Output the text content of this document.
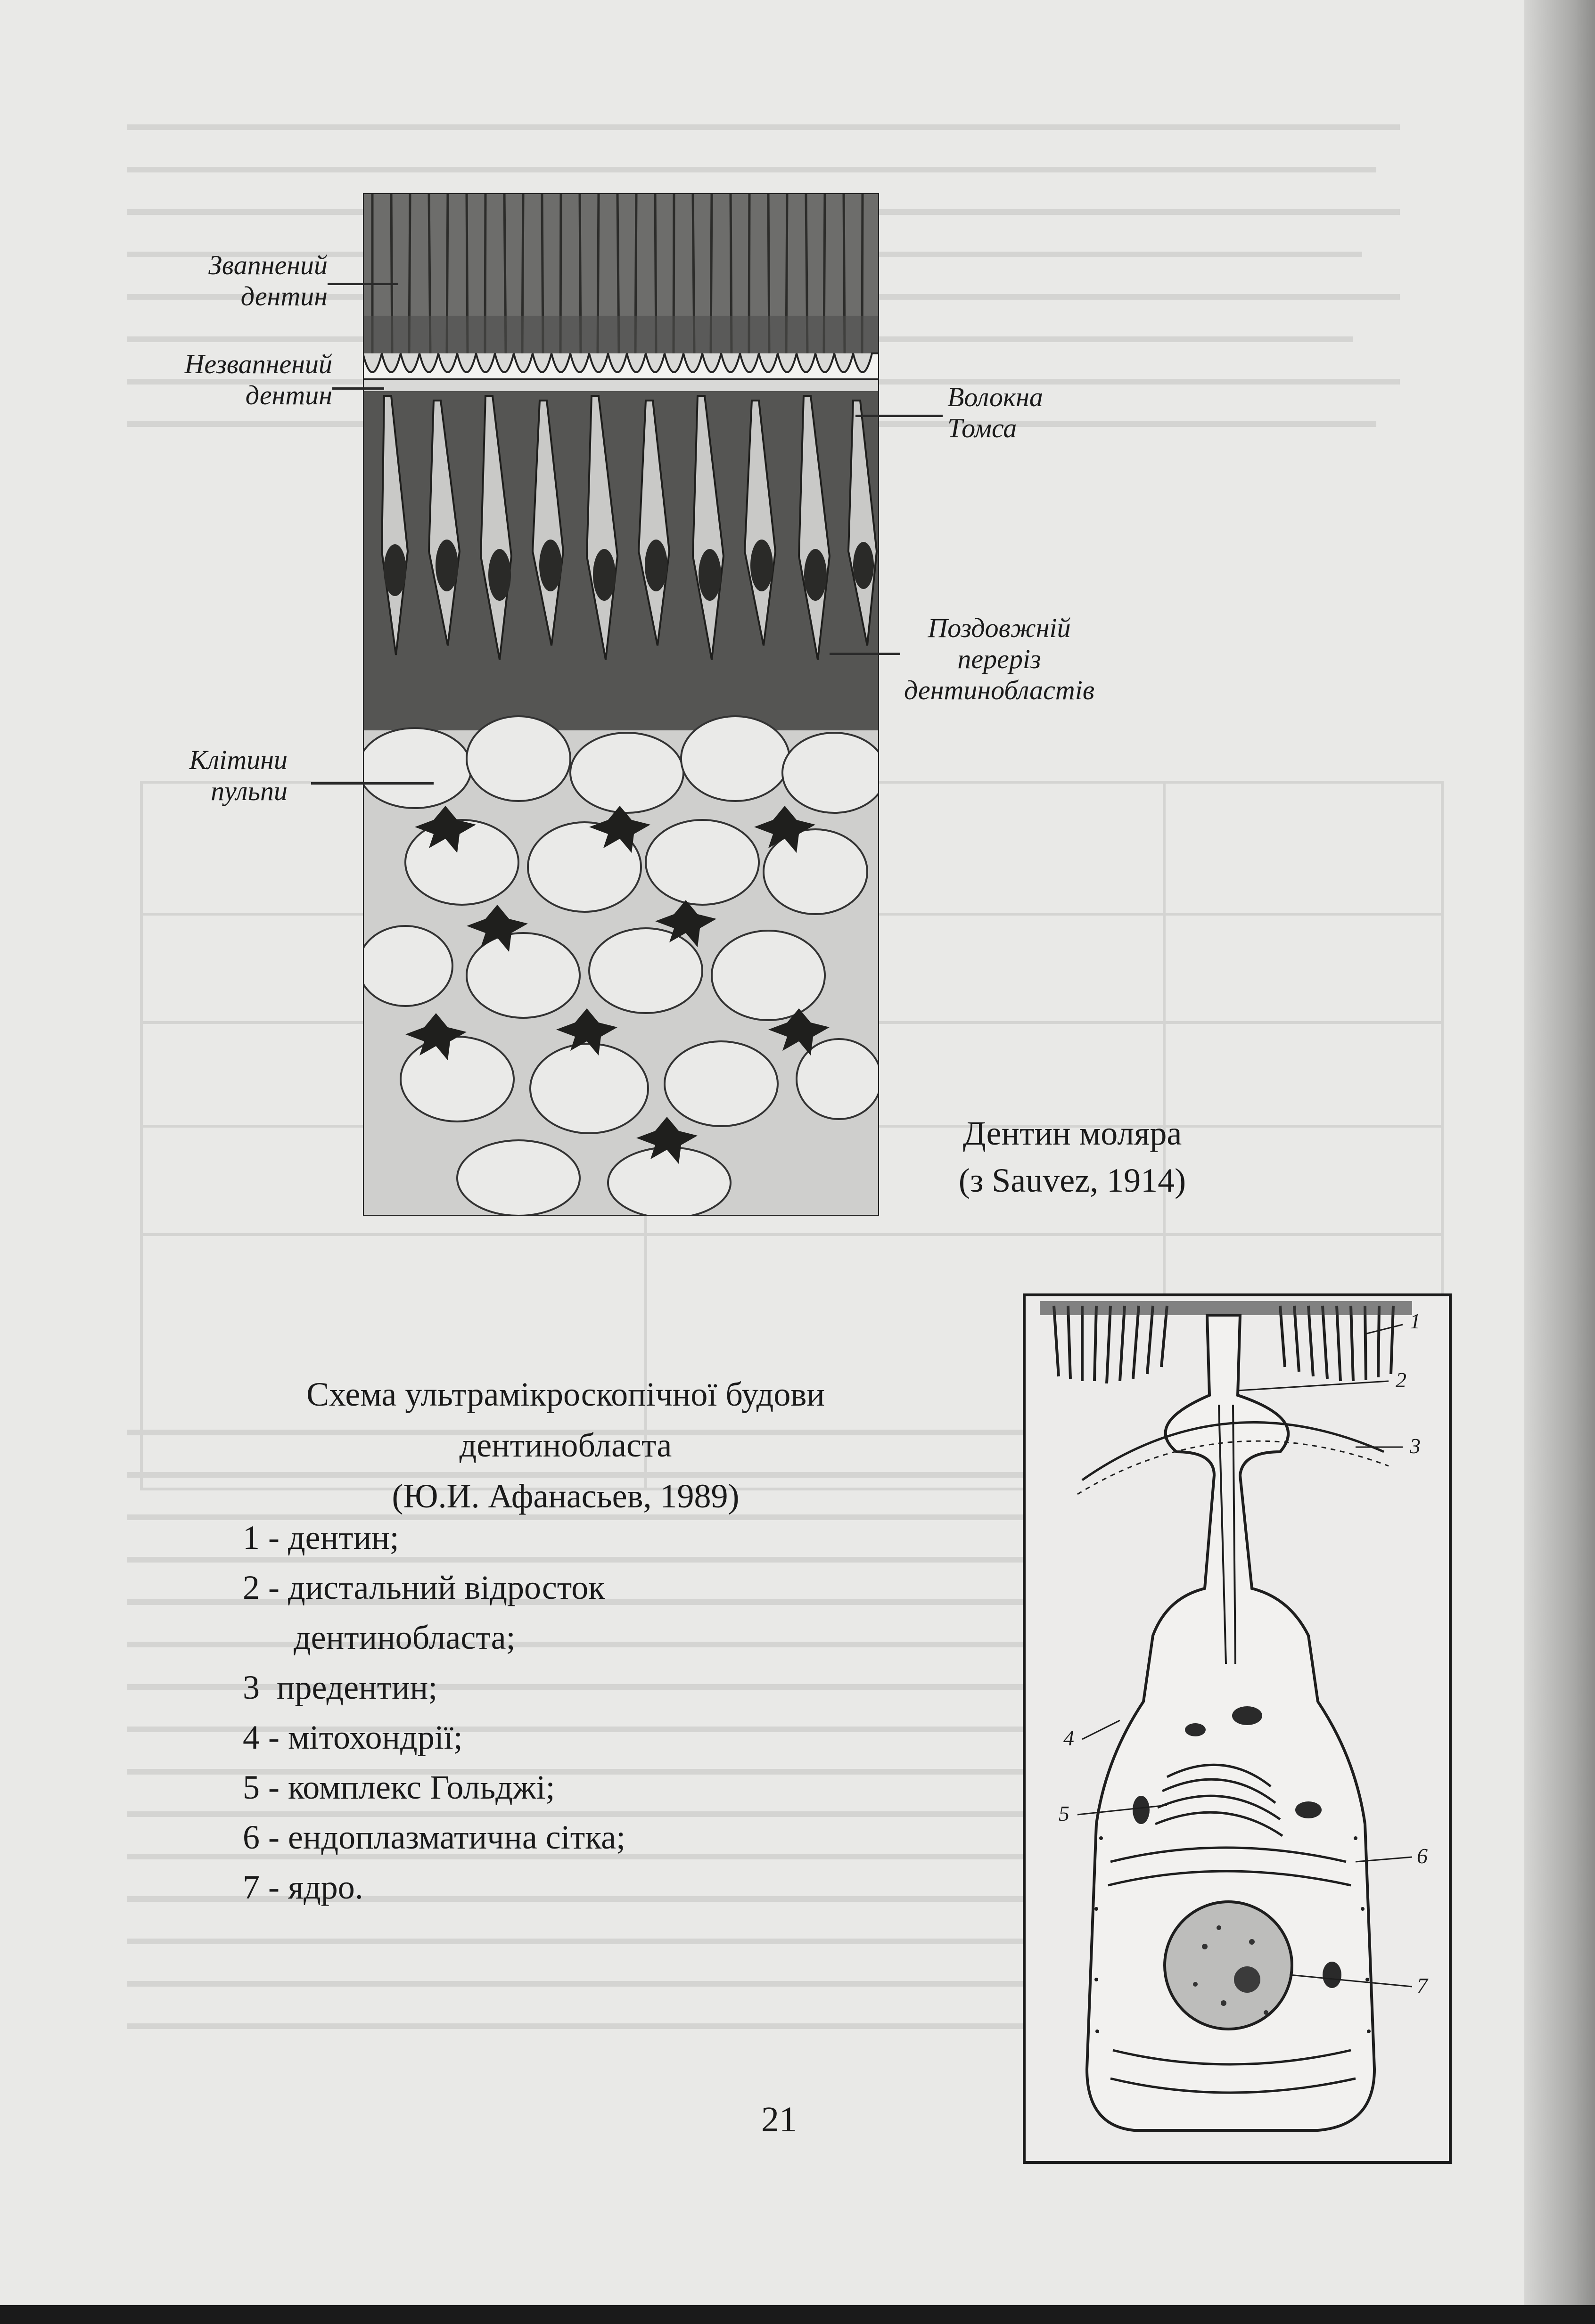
Звапнений
дентин
Незвапнений
дентин	Волокна
Томса
Поздовжній
переріз
дентинобластів
Клітини
пульпи
Дентин моляра
(з Sauvez, 1914)
1
2
3
4
5
6
7
Схема ультрамікроскопічної будови
дентинобласта
(Ю.И. Афанасьев, 1989)
1 - дентин;
2 - дистальний відросток
дентинобласта;
3  предентин;
4 - мітохондрії;
5 - комплекс Гольджі;
6 - ендоплазматична сітка;
7 - ядро.
21
